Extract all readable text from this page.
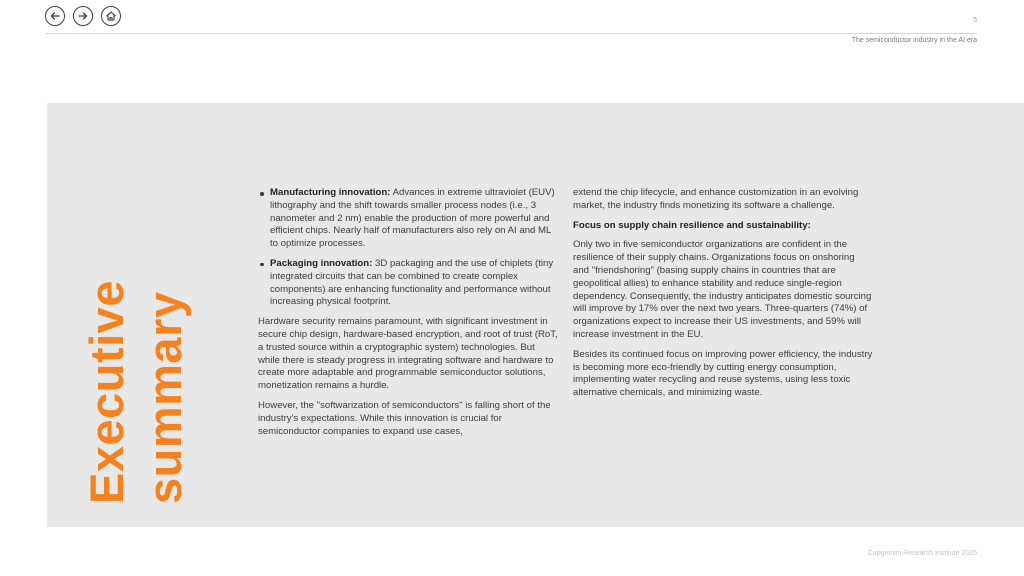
5
The semiconductor industry in the AI era
Executive summary
Manufacturing innovation: Advances in extreme ultraviolet (EUV) lithography and the shift towards smaller process nodes (i.e., 3 nanometer and 2 nm) enable the production of more powerful and efficient chips. Nearly half of manufacturers also rely on AI and ML to optimize processes.
Packaging innovation: 3D packaging and the use of chiplets (tiny integrated circuits that can be combined to create complex components) are enhancing functionality and performance without increasing physical footprint.

Hardware security remains paramount, with significant investment in secure chip design, hardware-based encryption, and root of trust (RoT, a trusted source within a cryptographic system) technologies. But while there is steady progress in integrating software and hardware to create more adaptable and programmable semiconductor solutions, monetization remains a hurdle.

However, the "softwarization of semiconductors" is falling short of the industry's expectations. While this innovation is crucial for semiconductor companies to expand use cases,

extend the chip lifecycle, and enhance customization in an evolving market, the industry finds monetizing its software a challenge.

Focus on supply chain resilience and sustainability:

Only two in five semiconductor organizations are confident in the resilience of their supply chains. Organizations focus on onshoring and "friendshoring" (basing supply chains in countries that are geopolitical allies) to enhance stability and reduce single-region dependency. Consequently, the industry anticipates domestic sourcing will improve by 17% over the next two years. Three-quarters (74%) of organizations expect to increase their US investments, and 59% will increase investment in the EU.

Besides its continued focus on improving power efficiency, the industry is becoming more eco-friendly by cutting energy consumption, implementing water recycling and reuse systems, using less toxic alternative chemicals, and minimizing waste.

Capgemini Research Institute 2025
